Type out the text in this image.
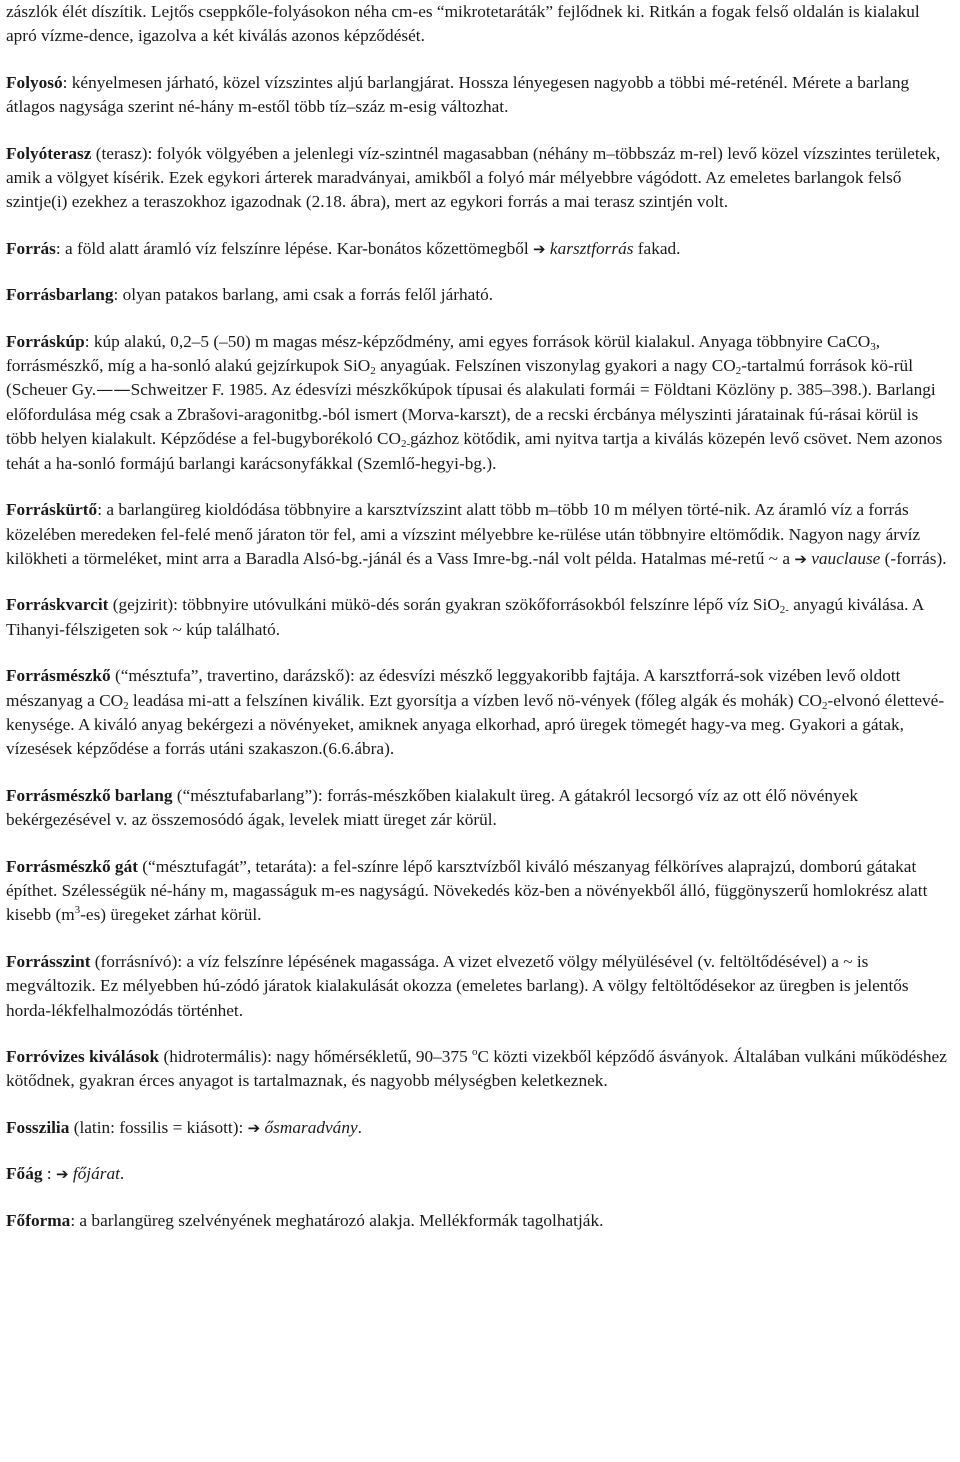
zászlók élét díszítik. Lejtős cseppkőle-folyásokon néha cm-es “mikrotetaráták” fejlődnek ki. Ritkán a fogak felső oldalán is kialakul apró vízme-dence, igazolva a két kiválás azonos képződését.

Folyosó: kényelmesen járható, közel vízszintes aljú barlangjárat. Hossza lényegesen nagyobb a többi mé-reténél. Mérete a barlang átlagos nagysága szerint né-hány m-estől több tíz–száz m-esig változhat.

Folyóterasz (terasz): folyók völgyében a jelenlegi víz-szintnél magasabban (néhány m–többszáz m-rel) levő közel vízszintes területek, amik a völgyet kísérik. Ezek egykori árterek maradványai, amikből a folyó már mélyebbre vágódott. Az emeletes barlangok felső szintje(i) ezekhez a teraszokhoz igazodnak (2.18. ábra), mert az egykori forrás a mai terasz szintjén volt.

Forrás: a föld alatt áramló víz felszínre lépése. Kar-bonátos kőzettömegből ➔ karsztforrás fakad.

Forrásbarlang: olyan patakos barlang, ami csak a forrás felől járható.

Forráskúp: kúp alakú, 0,2–5 (–50) m magas mész-képződmény, ami egyes források körül kialakul. Anyaga többnyire CaCO$_3$, forrásmészkő, míg a ha-sonló alakú gejzírkupok SiO$_2$ anyagúak. Felszínen viszonylag gyakori a nagy $CO_2$-tartalmú források kö-rül (Scheuer Gy.——Schweitzer F. 1985. Az édesvízi mészkőkúpok típusai és alakulati formái = Földtani Közlöny p. 385–398.). Barlangi előfordulása még csak a Zbrašovi-aragonitbg.-ból ismert (Morva-karszt), de a recski ércbánya mélyszinti járatainak fú-rásai körül is több helyen kialakult. Képződése a fel-bugyborékoló $CO_{2-}gázhoz$ kötődik, ami nyitva tartja a kiválás közepén levő csövet. Nem azonos tehát a ha-sonló formájú barlangi karácsonyfákkal (Szemlő-hegyi-bg.).

Forráskürtő: a barlangüreg kioldódása többnyire a karsztvízszint alatt több m–több 10 m mélyen törté-nik. Az áramló víz a forrás közelében meredeken fel-felé menő járaton tör fel, ami a vízszint mélyebbre ke-rülése után többnyire eltömődik. Nagyon nagy árvíz kilökheti a törmeléket, mint arra a Baradla Alsó-bg.-jánál és a Vass Imre-bg.-nál volt példa. Hatalmas mé-retű ~ a ➔ vauclause (-forrás).

Forráskvarcit (gejzirit): többnyire utóvulkáni mükö-dés során gyakran szökőforrásokból felszínre lépő víz SiO$_{2-}$ anyagú kiválása. A Tihanyi-félszigeten sok ~ kúp található.

Forrásmészkő (“mésztufa”, travertino, darázskő): az édesvízi mészkő leggyakoribb fajtája. A karsztforrá-sok vizében levő oldott mészanyag a $CO_2$ leadása mi-att a felszínen kiválik. Ezt gyorsítja a vízben levő nö-vények (főleg algák és mohák) $CO_2$-elvonó élettevé-kenysége. A kiváló anyag bekérgezi a növényeket, amiknek anyaga elkorhad, apró üregek tömegét hagy-va meg. Gyakori a gátak, vízesések képződése a forrás utáni szakaszon.(6.6.ábra).

Forrásmészkő barlang (“mésztufabarlang”): forrás-mészkőben kialakult üreg. A gátakról lecsorgó víz az ott élő növények bekérgezésével v. az összemosódó ágak, levelek miatt üreget zár körül.

Forrásmészkő gát (“mésztufagát”, tetaráta): a fel-színre lépő karsztvízből kiváló mészanyag félköríves alaprajzú, domború gátakat építhet. Szélességük né-hány m, magasságuk m-es nagyságú. Növekedés köz-ben a növényekből álló, függönyszerű homlokrész alatt kisebb $(m^3-es)$ üregeket zárhat körül.

Forrásszint (forrásnívó): a víz felszínre lépésének magassága. A vizet elvezető völgy mélyülésével (v. feltöltődésével) a ~ is megváltozik. Ez mélyebben hú-zódó járatok kialakulását okozza (emeletes barlang). A völgy feltöltődésekor az üregben is jelentős horda-lékfelhalmozódás történhet.

Forróvizes kiválások (hidrotermális): nagy hőmérsékletű, 90–375 $^o$C közti vizekből képződő ásványok. Általában vulkáni működéshez kötődnek, gyakran érces anyagot is tartalmaznak, és nagyobb mélységben keletkeznek.

Fosszilia (latin: fossilis = kiásott): ➔ ősmaradvány.

Főág : ➔ főjárat.

Főforma: a barlangüreg szelvényének meghatározó alakja. Mellékformák tagolhatják.
